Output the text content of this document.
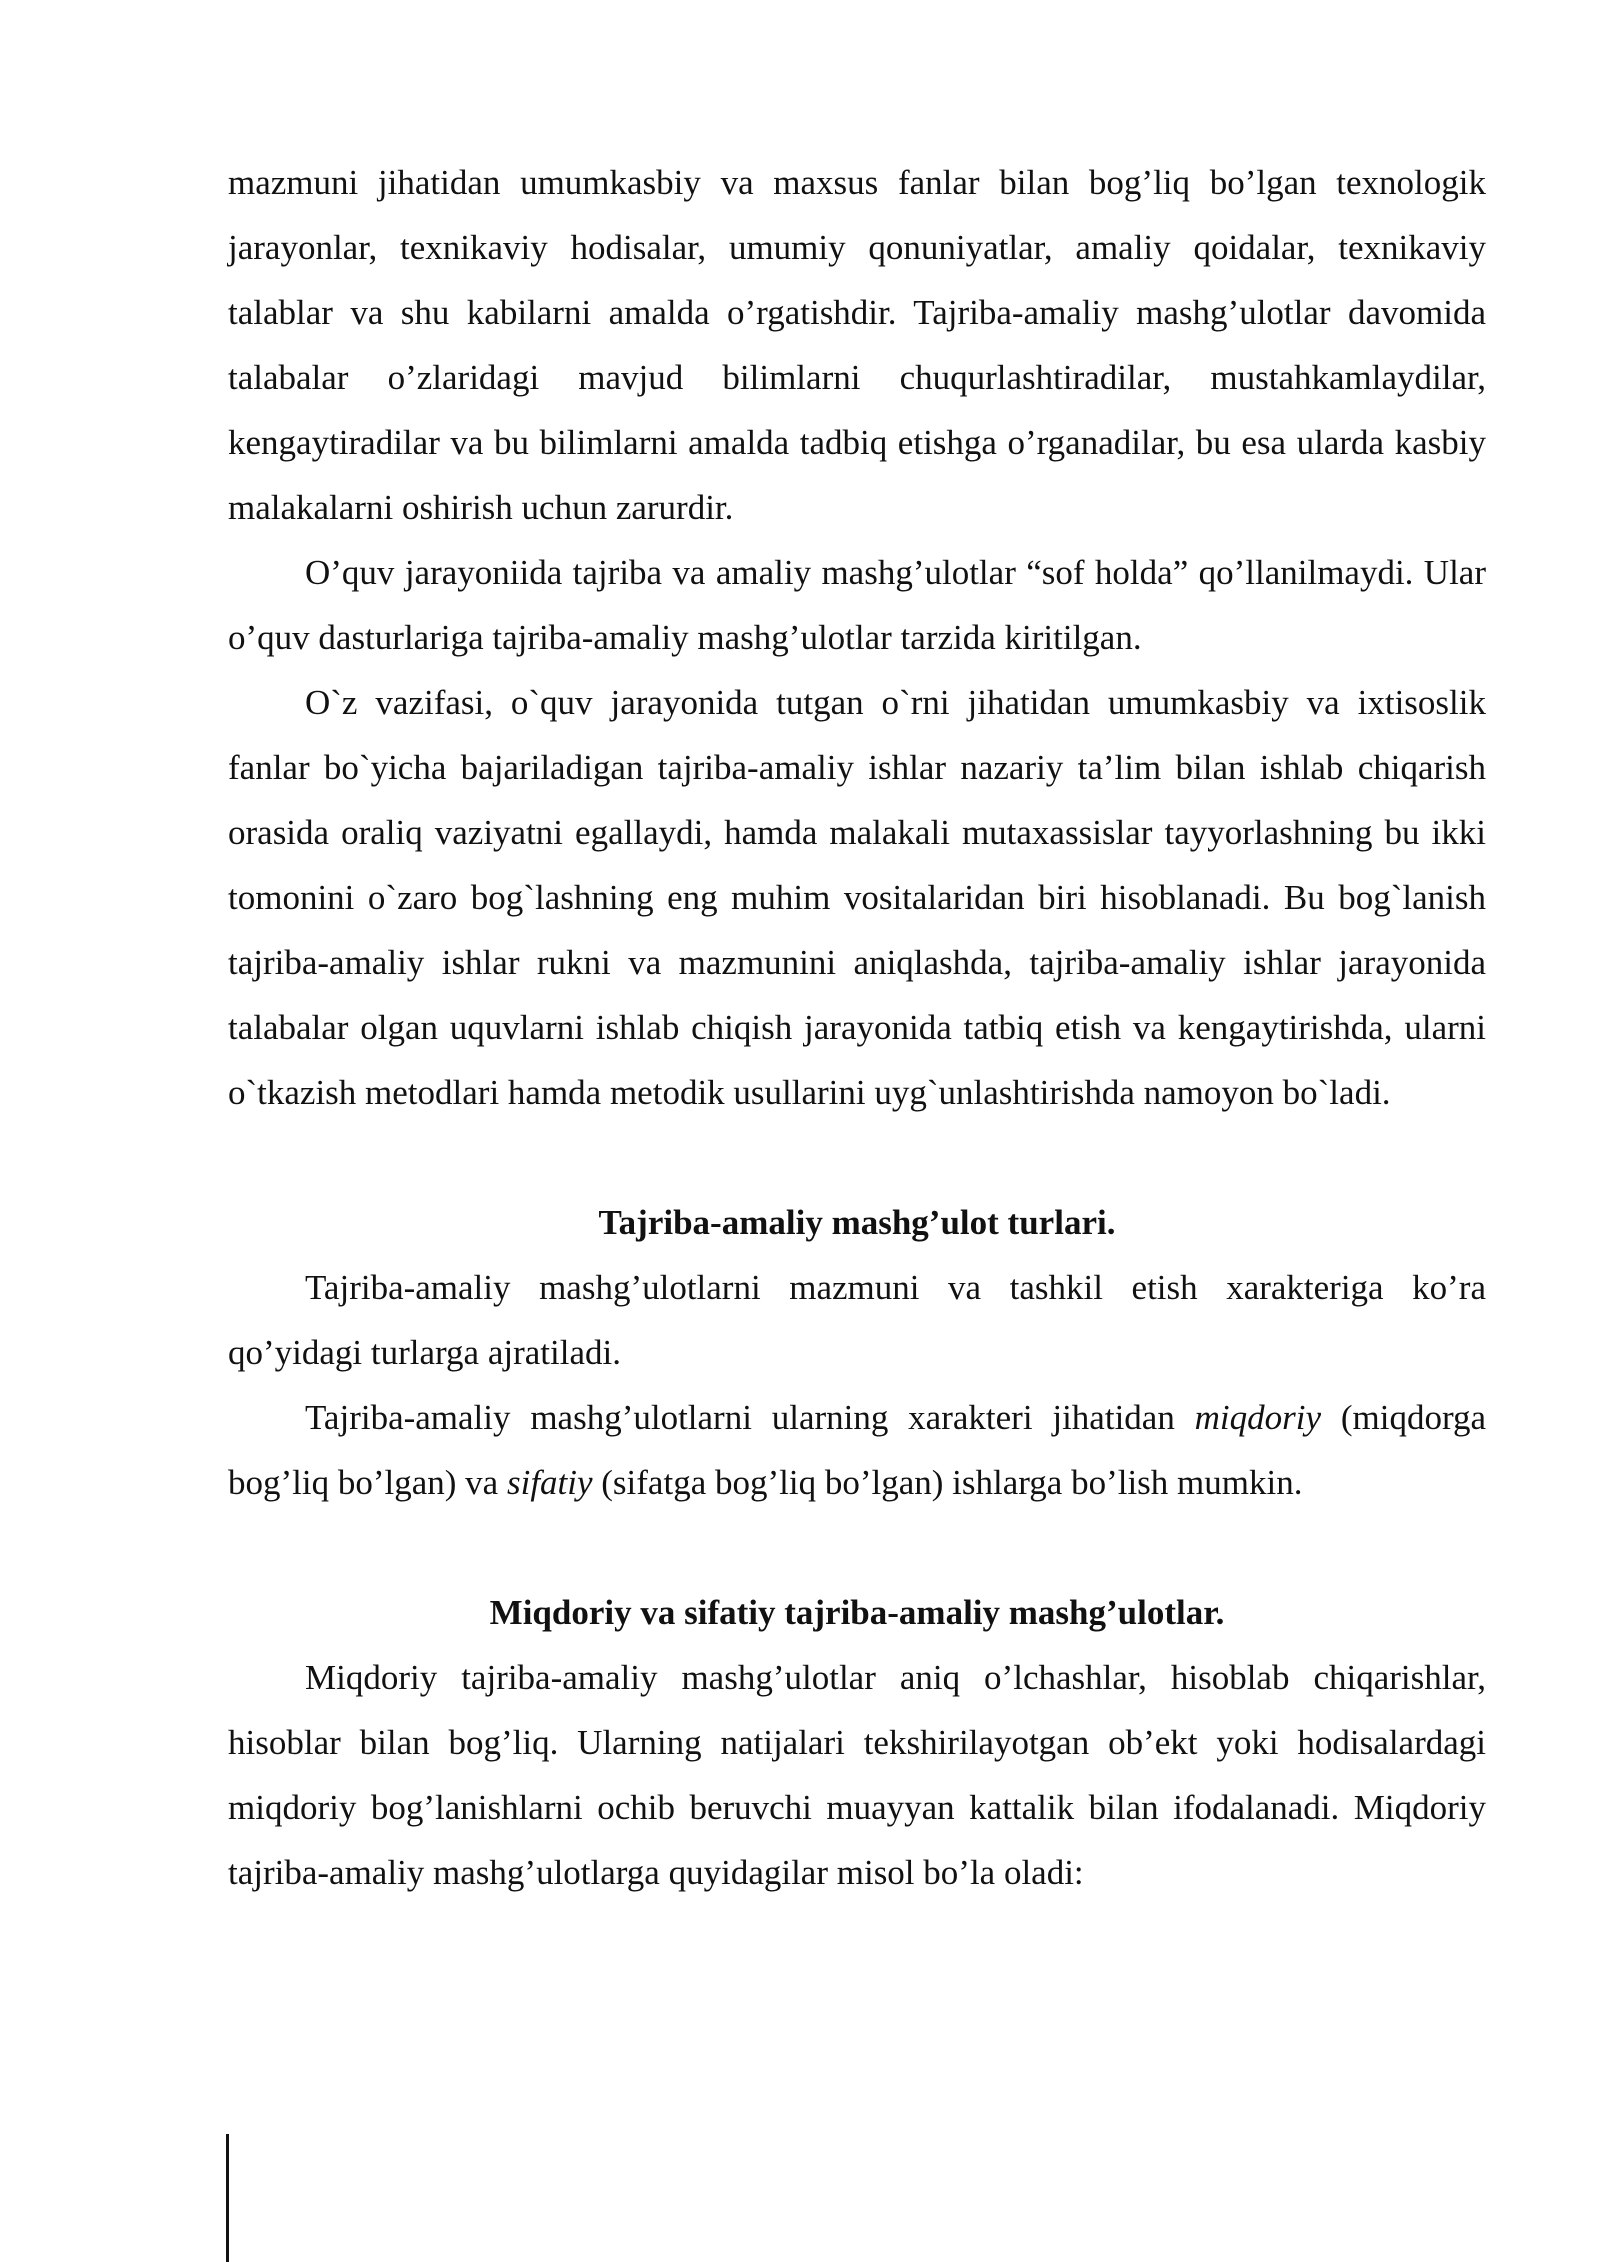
mazmuni jihatidan umumkasbiy va maxsus fanlar bilan bog’liq bo’lgan texnologik jarayonlar, texnikaviy hodisalar, umumiy qonuniyatlar, amaliy qoidalar, texnikaviy talablar va shu kabilarni amalda o’rgatishdir. Tajriba-amaliy mashg’ulotlar davomida talabalar o’zlaridagi mavjud bilimlarni chuqurlashtiradilar, mustahkamlaydilar, kengaytiradilar va bu bilimlarni amalda tadbiq etishga o’rganadilar, bu esa ularda kasbiy malakalarni oshirish uchun zarurdir.

O’quv jarayoniida tajriba va amaliy mashg’ulotlar “sof holda” qo’llanilmaydi. Ular o’quv dasturlariga tajriba-amaliy mashg’ulotlar tarzida kiritilgan.

O`z vazifasi, o`quv jarayonida tutgan o`rni jihatidan umumkasbiy va ixtisoslik fanlar bo`yicha bajariladigan tajriba-amaliy ishlar nazariy ta’lim bilan ishlab chiqarish orasida oraliq vaziyatni egallaydi, hamda malakali mutaxassislar tayyorlashning bu ikki tomonini o`zaro bog`lashning eng muhim vositalaridan biri hisoblanadi. Bu bog`lanish tajriba-amaliy ishlar rukni va mazmunini aniqlashda, tajriba-amaliy ishlar jarayonida talabalar olgan uquvlarni ishlab chiqish jarayonida tatbiq etish va kengaytirishda, ularni o`tkazish metodlari hamda metodik usullarini uyg`unlashtirishda namoyon bo`ladi.

Tajriba-amaliy mashg’ulot turlari.

Tajriba-amaliy mashg’ulotlarni mazmuni va tashkil etish xarakteriga ko’ra qo’yidagi turlarga ajratiladi.

Tajriba-amaliy mashg’ulotlarni ularning xarakteri jihatidan miqdoriy (miqdorga bog’liq bo’lgan) va sifatiy (sifatga bog’liq bo’lgan) ishlarga bo’lish mumkin.

Miqdoriy va sifatiy tajriba-amaliy mashg’ulotlar.

Miqdoriy tajriba-amaliy mashg’ulotlar aniq o’lchashlar, hisoblab chiqarishlar, hisoblar bilan bog’liq. Ularning natijalari tekshirilayotgan ob’ekt yoki hodisalardagi miqdoriy bog’lanishlarni ochib beruvchi muayyan kattalik bilan ifodalanadi. Miqdoriy tajriba-amaliy mashg’ulotlarga quyidagilar misol bo’la oladi:
